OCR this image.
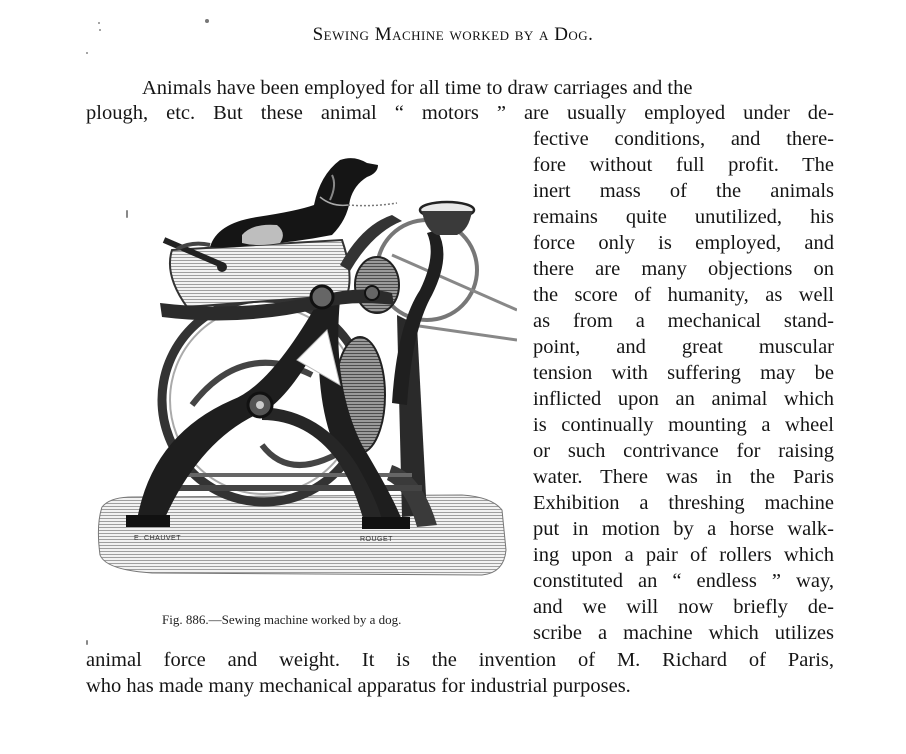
Sewing Machine worked by a Dog.
Animals have been employed for all time to draw carriages and the
plough, etc. But these animal “ motors ” are usually employed under de-
fective conditions, and there-
fore without full profit. The
inert mass of the animals
remains quite unutilized, his
force only is employed, and
there are many objections on
the score of humanity, as well
as from a mechanical stand-
point, and great muscular
tension with suffering may be
inflicted upon an animal which
is continually mounting a wheel
or such contrivance for raising
water. There was in the Paris
Exhibition a threshing machine
put in motion by a horse walk-
ing upon a pair of rollers which
constituted an “ endless ” way,
and we will now briefly de-
scribe a machine which utilizes
animal force and weight. It is the invention of M. Richard of Paris,
who has made many mechanical apparatus for industrial purposes.
E. CHAUVET	ROUGET
Fig. 886.—Sewing machine worked by a dog.
